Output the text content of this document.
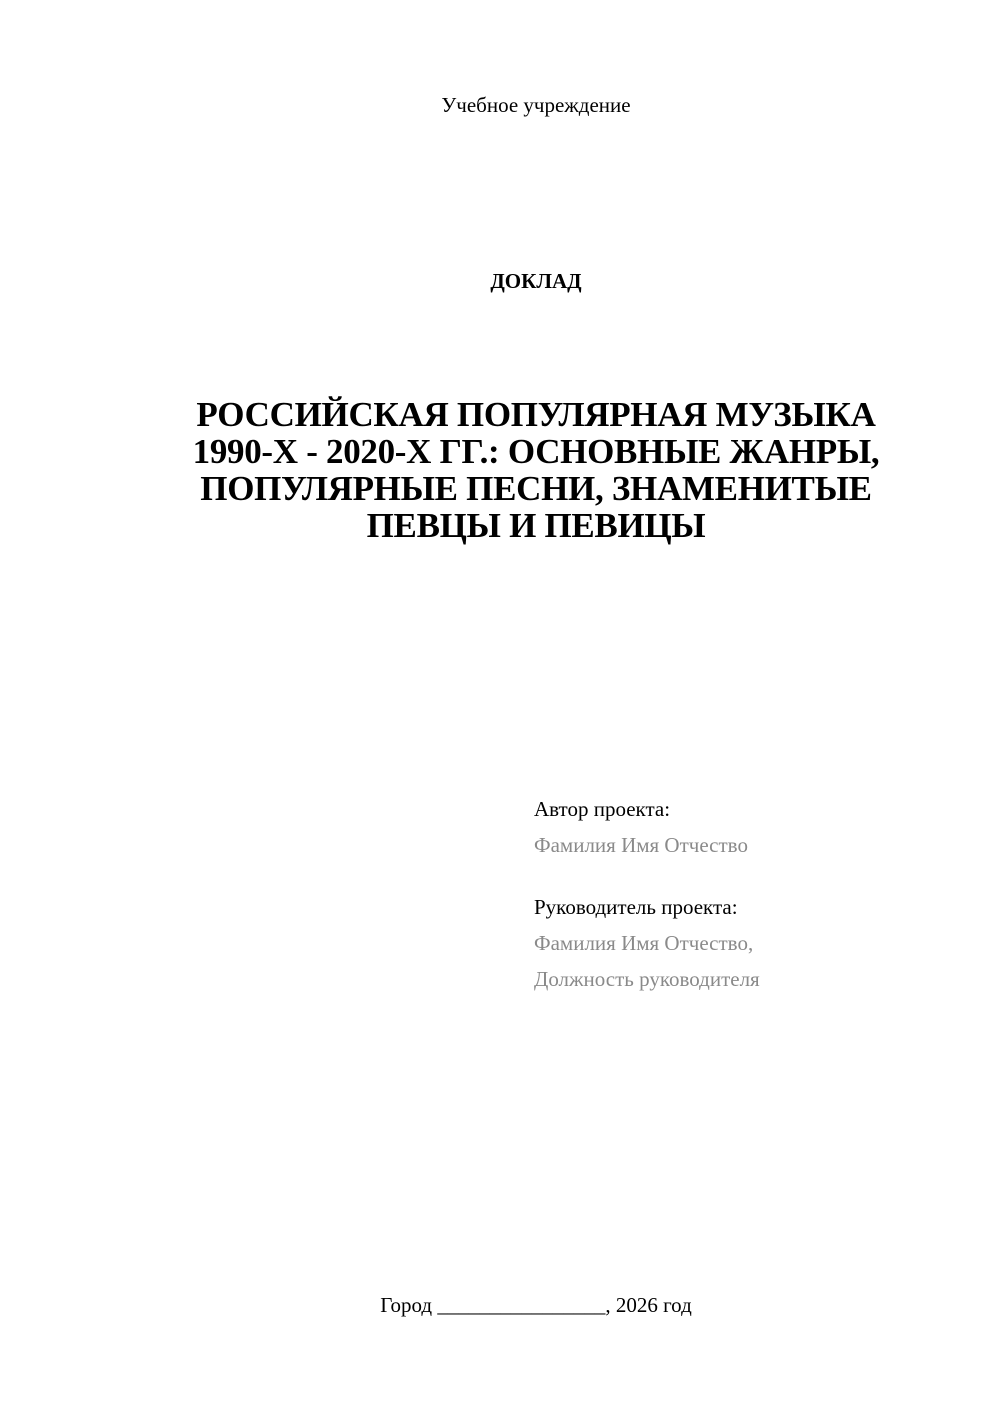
Учебное учреждение
ДОКЛАД
РОССИЙСКАЯ ПОПУЛЯРНАЯ МУЗЫКА
1990-Х - 2020-Х ГГ.: ОСНОВНЫЕ ЖАНРЫ,
ПОПУЛЯРНЫЕ ПЕСНИ, ЗНАМЕНИТЫЕ
ПЕВЦЫ И ПЕВИЦЫ
Автор проекта:
Фамилия Имя Отчество
Руководитель проекта:
Фамилия Имя Отчество,
Должность руководителя
Город ________________, 2026 год
